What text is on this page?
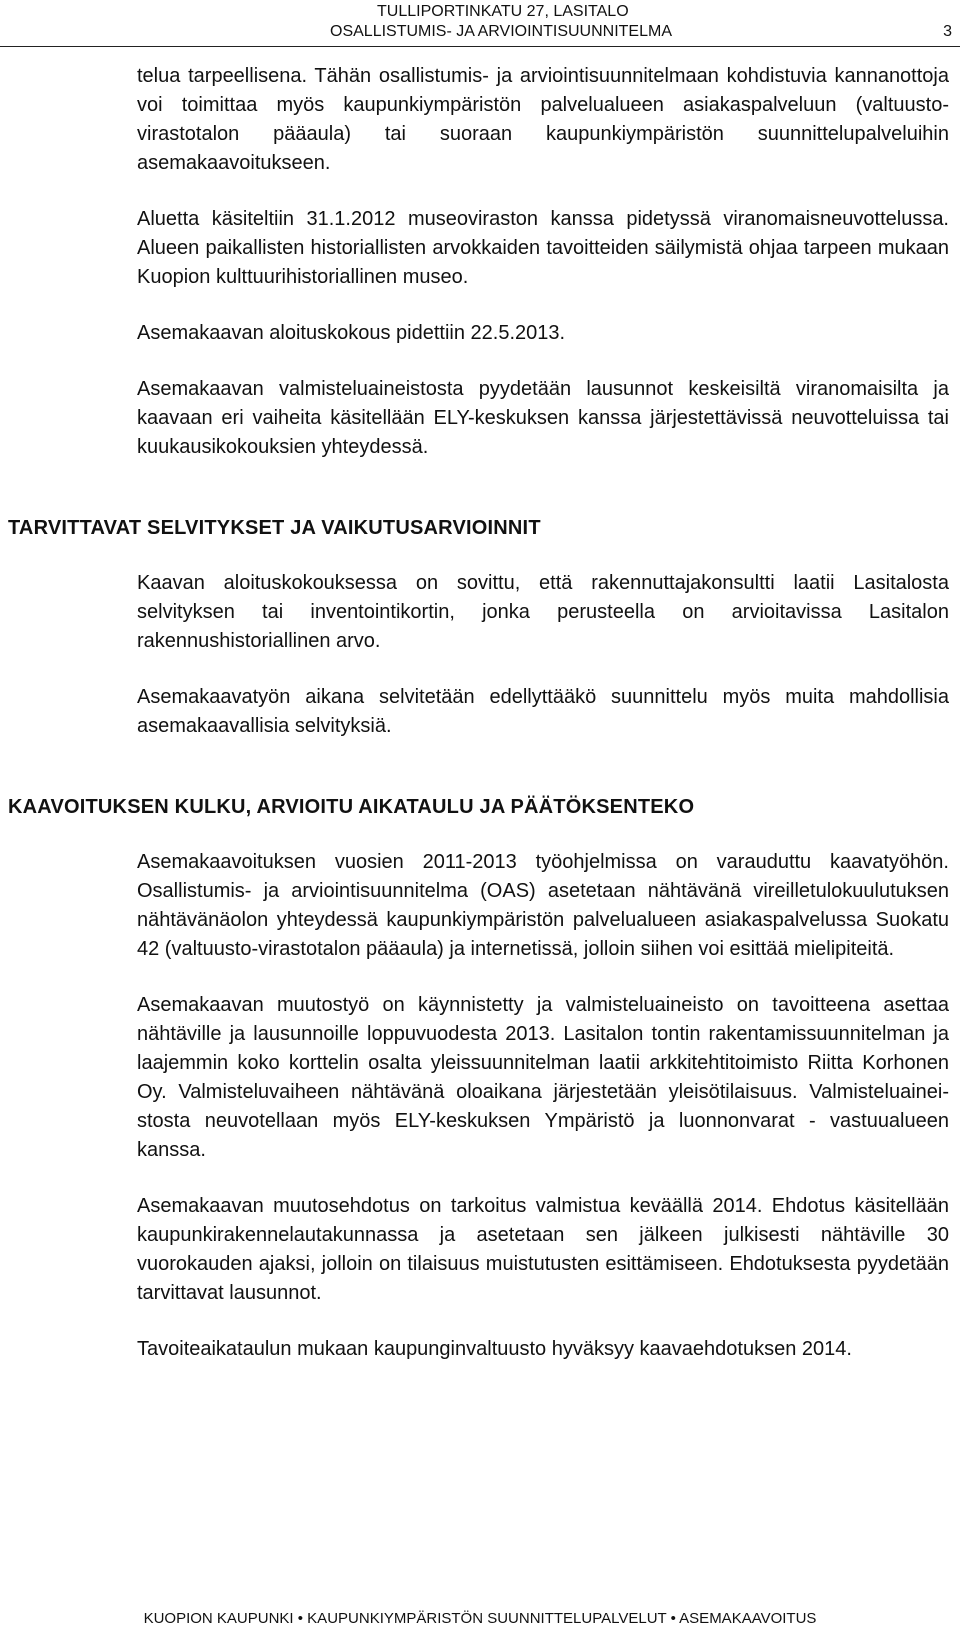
TULLIPORTINKATU 27, LASITALO
OSALLISTUMIS- JA ARVIOINTISUUNNITELMA	3

telua tarpeellisena. Tähän osallistumis- ja arviointisuunnitelmaan kohdistuvia kannanottoja voi toimittaa myös kaupunkiympäristön palvelualueen asiakaspalveluun (valtuusto-virastotalon pääaula) tai suoraan kaupunkiympäristön suunnittelupalveluihin asemakaavoitukseen.

Aluetta käsiteltiin 31.1.2012 museoviraston kanssa pidetyssä viranomaisneuvottelussa. Alueen paikallisten historiallisten arvokkaiden tavoitteiden säilymistä ohjaa tarpeen mukaan Kuopion kulttuurihistoriallinen museo.

Asemakaavan aloituskokous pidettiin 22.5.2013.

Asemakaavan valmisteluaineistosta pyydetään lausunnot keskeisiltä viranomaisilta ja kaavaan eri vaiheita käsitellään ELY-keskuksen kanssa järjestettävissä neuvotteluissa tai kuukausikokouksien yhteydessä.

TARVITTAVAT SELVITYKSET JA VAIKUTUSARVIOINNIT

Kaavan aloituskokouksessa on sovittu, että rakennuttajakonsultti laatii Lasitalosta selvityksen tai inventointikortin, jonka perusteella on arvioitavissa Lasitalon rakennushistoriallinen arvo.

Asemakaavatyön aikana selvitetään edellyttääkö suunnittelu myös muita mahdollisia asemakaavallisia selvityksiä.

KAAVOITUKSEN KULKU, ARVIOITU AIKATAULU JA PÄÄTÖKSENTEKO

Asemakaavoituksen vuosien 2011-2013 työohjelmissa on varauduttu kaavatyöhön. Osallistumis- ja arviointisuunnitelma (OAS) asetetaan nähtävänä vireilletulokuulutuksen nähtävänäolon yhteydessä kaupunkiympäristön palvelualueen asiakaspalvelussa Suokatu 42 (valtuusto-virastotalon pääaula) ja internetissä, jolloin siihen voi esittää mielipiteitä.

Asemakaavan muutostyö on käynnistetty ja valmisteluaineisto on tavoitteena asettaa nähtäville ja lausunnoille loppuvuodesta 2013. Lasitalon tontin rakentamissuunnitelman ja laajemmin koko korttelin osalta yleissuunnitelman laatii arkkitehtitoimisto Riitta Korhonen Oy. Valmisteluvaiheen nähtävänä oloaikana järjestetään yleisötilaisuus. Valmisteluaineistosta neuvotellaan myös ELY-keskuksen Ympäristö ja luonnonvarat - vastuualueen kanssa.

Asemakaavan muutosehdotus on tarkoitus valmistua keväällä 2014. Ehdotus käsitellään kaupunkirakennelautakunnassa ja asetetaan sen jälkeen julkisesti nähtäville 30 vuorokauden ajaksi, jolloin on tilaisuus muistutusten esittämiseen. Ehdotuksesta pyydetään tarvittavat lausunnot.

Tavoiteaikataulun mukaan kaupunginvaltuusto hyväksyy kaavaehdotuksen 2014.

KUOPION KAUPUNKI • KAUPUNKIYMPÄRISTÖN SUUNNITTELUPALVELUT • ASEMAKAAVOITUS
